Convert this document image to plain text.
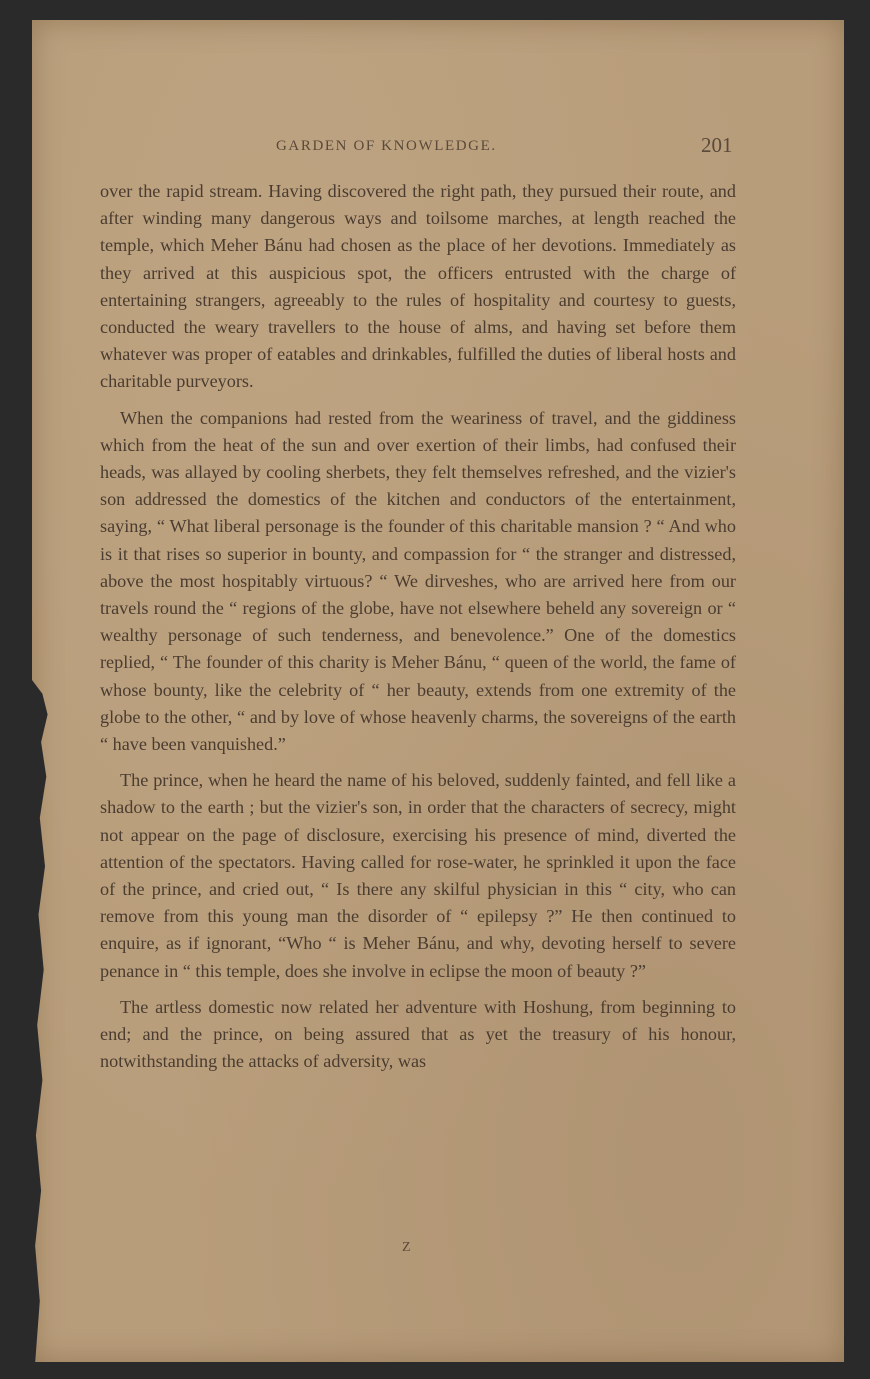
GARDEN OF KNOWLEDGE.	201

over the rapid stream. Having discovered the right path, they pursued their route, and after winding many dangerous ways and toilsome marches, at length reached the temple, which Meher Bánu had chosen as the place of her devotions. Immediately as they arrived at this auspicious spot, the officers entrusted with the charge of entertaining strangers, agreeably to the rules of hospitality and courtesy to guests, conducted the weary travellers to the house of alms, and having set before them whatever was proper of eatables and drinkables, fulfilled the duties of liberal hosts and charitable purveyors.

When the companions had rested from the weariness of travel, and the giddiness which from the heat of the sun and over exertion of their limbs, had confused their heads, was allayed by cooling sherbets, they felt themselves refreshed, and the vizier's son addressed the domestics of the kitchen and conductors of the entertainment, saying, “ What liberal personage is the founder of this charitable mansion ? “ And who is it that rises so superior in bounty, and compassion for “ the stranger and distressed, above the most hospitably virtuous? “ We dirveshes, who are arrived here from our travels round the “ regions of the globe, have not elsewhere beheld any sovereign or “ wealthy personage of such tenderness, and benevolence.” One of the domestics replied, “ The founder of this charity is Meher Bánu, “ queen of the world, the fame of whose bounty, like the celebrity of “ her beauty, extends from one extremity of the globe to the other, “ and by love of whose heavenly charms, the sovereigns of the earth “ have been vanquished.”

The prince, when he heard the name of his beloved, suddenly fainted, and fell like a shadow to the earth ; but the vizier's son, in order that the characters of secrecy, might not appear on the page of disclosure, exercising his presence of mind, diverted the attention of the spectators. Having called for rose-water, he sprinkled it upon the face of the prince, and cried out, “ Is there any skilful physician in this “ city, who can remove from this young man the disorder of “ epilepsy ?” He then continued to enquire, as if ignorant, “Who “ is Meher Bánu, and why, devoting herself to severe penance in “ this temple, does she involve in eclipse the moon of beauty ?”

The artless domestic now related her adventure with Hoshung, from beginning to end; and the prince, on being assured that as yet the treasury of his honour, notwithstanding the attacks of adversity, was

Z
